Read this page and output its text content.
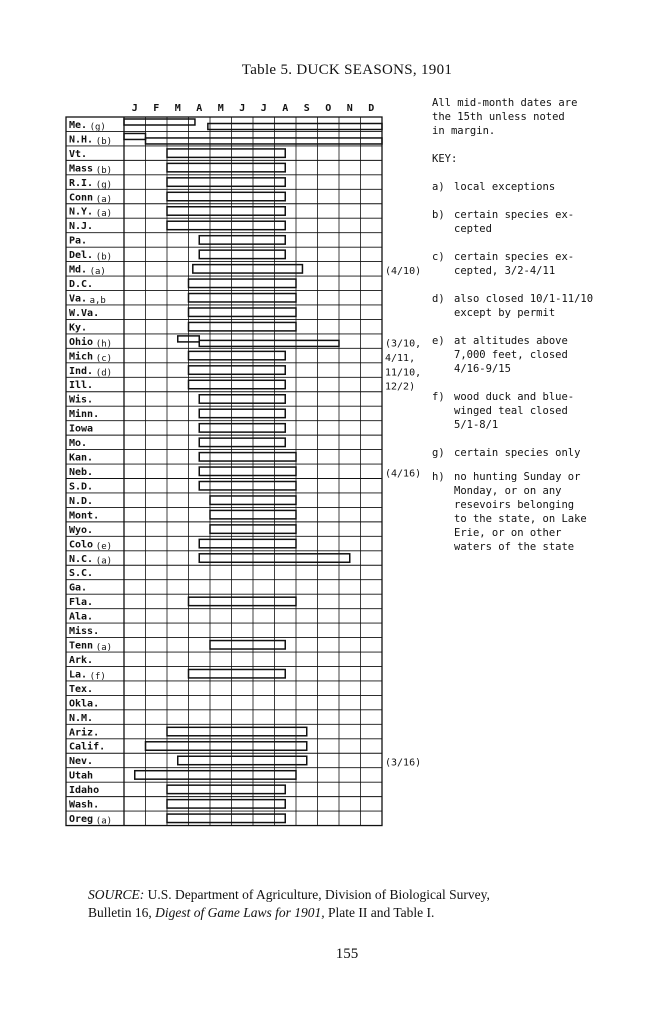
Table 5. DUCK SEASONS, 1901
J F M A M J J A S O N D
Me. (g)
N.H. (b)
Vt.
Mass (b)
R.I. (g)
Conn (a)
N.Y. (a)
N.J.
Pa.
Del. (b)
Md. (a)	(4/10)
D.C.
Va. a,b
W.Va.
Ky.
Ohio (h)	(3/10,
Mich (c)	4/11,
Ind. (d)	11/10,
Ill.	12/2)
Wis.
Minn.
Iowa
Mo.
Kan.
Neb.	(4/16)
S.D.
N.D.
Mont.
Wyo.
Colo (e)
N.C. (a)
S.C.
Ga.
Fla.
Ala.
Miss.
Tenn (a)
Ark.
La. (f)
Tex.
Okla.
N.M.
Ariz.
Calif.
Nev.	(3/16)
Utah
Idaho
Wash.
Oreg (a)

All mid-month dates are

the 15th unless noted

in margin.

KEY:

a) local exceptions
b) certain species ex-
cepted
c) certain species ex-
cepted, 3/2-4/11
d) also closed 10/1-11/10
except by permit
e) at altitudes above
7,000 feet, closed
4/16-9/15
f) wood duck and blue-
winged teal closed
5/1-8/1
g) certain species only
h) no hunting Sunday or
Monday, or on any
resevoirs belonging
to the state, on Lake
Erie, or on other
waters of the state
SOURCE: U.S. Department of Agriculture, Division of Biological Survey,
Bulletin 16, Digest of Game Laws for 1901, Plate II and Table I.
155
